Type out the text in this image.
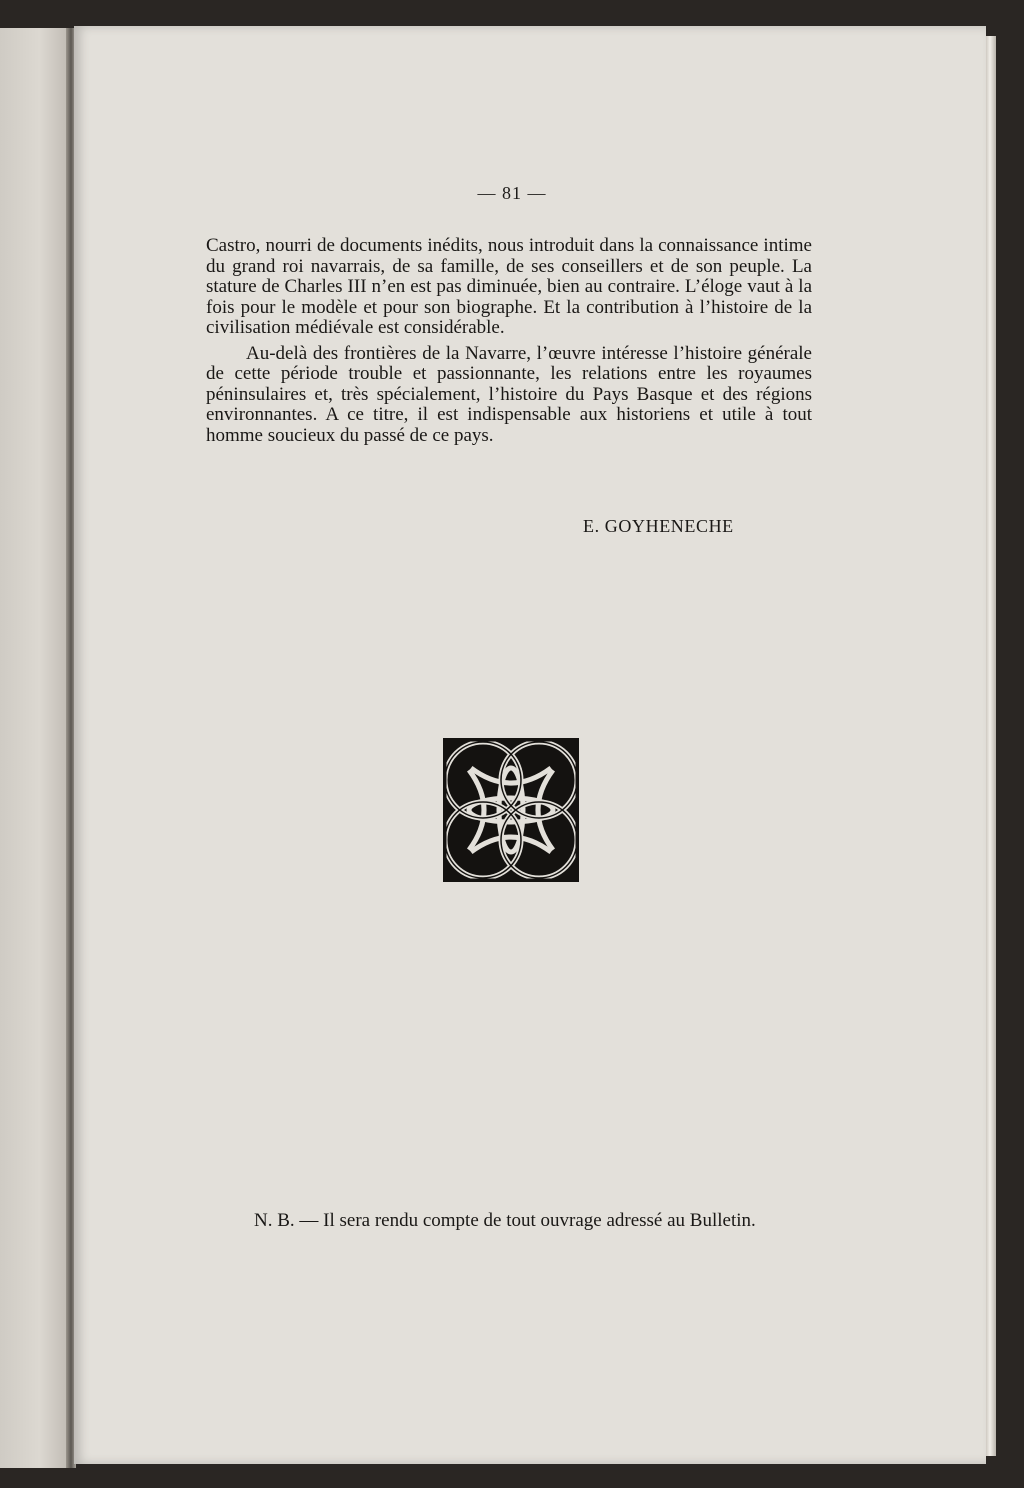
— 81 —

Castro, nourri de documents inédits, nous introduit dans la connaissance intime du grand roi navarrais, de sa famille, de ses conseillers et de son peuple. La stature de Charles III n’en est pas diminuée, bien au contraire. L’éloge vaut à la fois pour le modèle et pour son biographe. Et la contribution à l’histoire de la civilisation médiévale est considérable.

Au-delà des frontières de la Navarre, l’œuvre intéresse l’histoire générale de cette période trouble et passionnante, les relations entre les royaumes péninsulaires et, très spécialement, l’histoire du Pays Basque et des régions environnantes. A ce titre, il est indispensable aux historiens et utile à tout homme soucieux du passé de ce pays.

E. GOYHENECHE
N. B. — Il sera rendu compte de tout ouvrage adressé au Bulletin.
